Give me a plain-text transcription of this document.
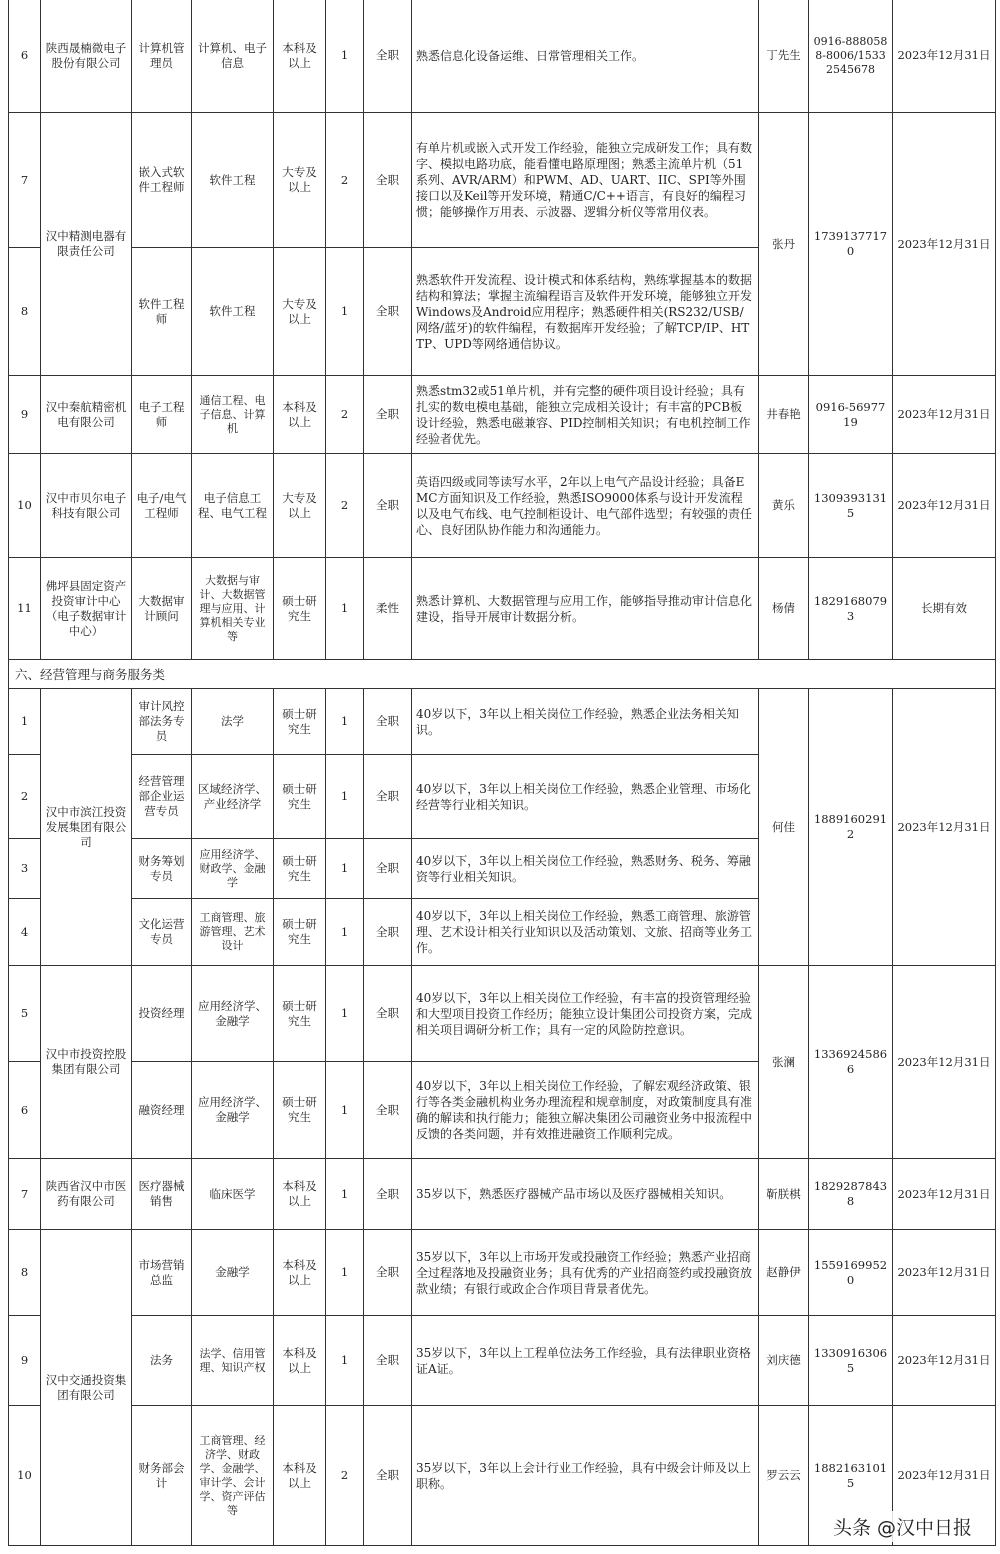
6	陕西晟楠微电子股份有限公司	计算机管理员	计算机、电子信息	本科及以上	1	全职	熟悉信息化设备运维、日常管理相关工作。	丁先生	0916-8880588-8006/15332545678	2023年12月31日
7	汉中精测电器有限责任公司	嵌入式软件工程师	软件工程	大专及以上	2	全职	有单片机或嵌入式开发工作经验，能独立完成研发工作；具有数字、模拟电路功底，能看懂电路原理图；熟悉主流单片机（51系列、AVR/ARM）和PWM、AD、UART、IIC、SPI等外围接口以及Keil等开发环境，精通C/C++语言，有良好的编程习惯；能够操作万用表、示波器、逻辑分析仪等常用仪表。	张丹	17391377170	2023年12月31日
8		软件工程师	软件工程	大专及以上	1	全职	熟悉软件开发流程、设计模式和体系结构，熟练掌握基本的数据结构和算法；掌握主流编程语言及软件开发环境，能够独立开发Windows及Android应用程序；熟悉硬件相关(RS232/USB/网络/蓝牙)的软件编程，有数据库开发经验；了解TCP/IP、HTTP、UPD等网络通信协议。			
9	汉中秦航精密机电有限公司	电子工程师	通信工程、电子信息、计算机	本科及以上	2	全职	熟悉stm32或51单片机，并有完整的硬件项目设计经验；具有扎实的数电模电基础，能独立完成相关设计；有丰富的PCB板设计经验，熟悉电磁兼容、PID控制相关知识；有电机控制工作经验者优先。	井春艳	0916-5697719	2023年12月31日
10	汉中市贝尔电子科技有限公司	电子/电气工程师	电子信息工程、电气工程	大专及以上	2	全职	英语四级或同等读写水平，2年以上电气产品设计经验；具备EMC方面知识及工作经验，熟悉ISO9000体系与设计开发流程以及电气布线、电气控制柜设计、电气部件选型；有较强的责任心、良好团队协作能力和沟通能力。	黄乐	13093931315	2023年12月31日
11	佛坪县固定资产投资审计中心（电子数据审计中心）	大数据审计顾问	大数据与审计、大数据管理与应用、计算机相关专业等	硕士研究生	1	柔性	熟悉计算机、大数据管理与应用工作，能够指导推动审计信息化建设，指导开展审计数据分析。	杨倩	18291680793	长期有效
六、经营管理与商务服务类										
1	汉中市滨江投资发展集团有限公司	审计风控部法务专员	法学	硕士研究生	1	全职	40岁以下，3年以上相关岗位工作经验，熟悉企业法务相关知识。	何佳	18891602912	2023年12月31日
2		经营管理部企业运营专员	区域经济学、产业经济学	硕士研究生	1	全职	40岁以下，3年以上相关岗位工作经验，熟悉企业管理、市场化经营等行业相关知识。			
3		财务筹划专员	应用经济学、财政学、金融学	硕士研究生	1	全职	40岁以下，3年以上相关岗位工作经验，熟悉财务、税务、筹融资等行业相关知识。			
4		文化运营专员	工商管理、旅游管理、艺术设计	硕士研究生	1	全职	40岁以下，3年以上相关岗位工作经验，熟悉工商管理、旅游管理、艺术设计相关行业知识以及活动策划、文旅、招商等业务工作。			
5	汉中市投资控股集团有限公司	投资经理	应用经济学、金融学	硕士研究生	1	全职	40岁以下，3年以上相关岗位工作经验，有丰富的投资管理经验和大型项目投资工作经历；能独立设计集团公司投资方案，完成相关项目调研分析工作；具有一定的风险防控意识。	张澜	13369245866	2023年12月31日
6		融资经理	应用经济学、金融学	硕士研究生	1	全职	40岁以下，3年以上相关岗位工作经验，了解宏观经济政策、银行等各类金融机构业务办理流程和规章制度，对政策制度具有准确的解读和执行能力；能独立解决集团公司融资业务中报流程中反馈的各类问题，并有效推进融资工作顺利完成。			
7	陕西省汉中市医药有限公司	医疗器械销售	临床医学	本科及以上	1	全职	35岁以下，熟悉医疗器械产品市场以及医疗器械相关知识。	靳朕棋	18292878438	2023年12月31日
8	汉中交通投资集团有限公司	市场营销总监	金融学	本科及以上	1	全职	35岁以下，3年以上市场开发或投融资工作经验；熟悉产业招商全过程落地及投融资业务；具有优秀的产业招商签约或投融资放款业绩；有银行或政企合作项目背景者优先。	赵静伊	15591699520	2023年12月31日
9		法务	法学、信用管理、知识产权	本科及以上	1	全职	35岁以下，3年以上工程单位法务工作经验，具有法律职业资格证A证。	刘庆德	13309163065	2023年12月31日
10		财务部会计	工商管理、经济学、财政学、金融学、审计学、会计学、资产评估等	本科及以上	2	全职	35岁以下，3年以上会计行业工作经验，具有中级会计师及以上职称。	罗云云	18821631015	2023年12月31日
头条 @汉中日报
